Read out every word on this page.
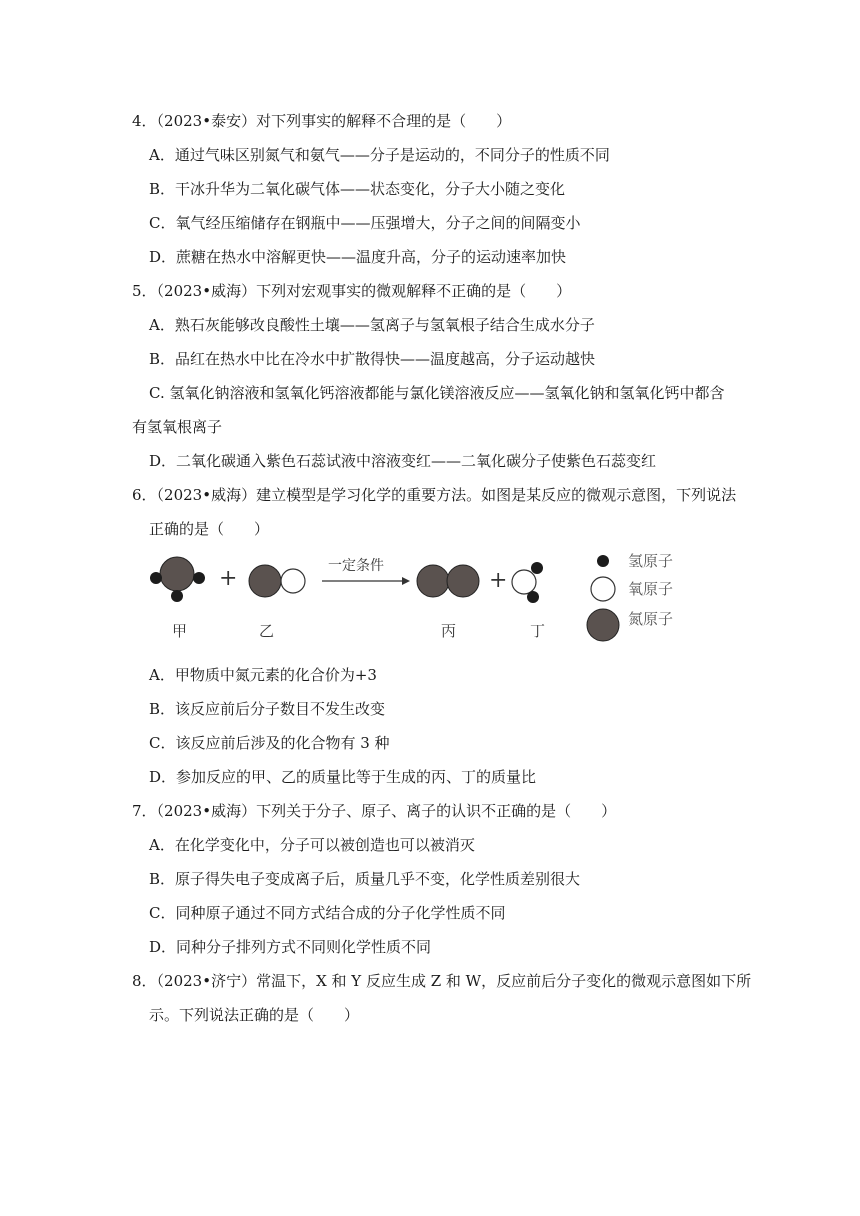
4．（2023•泰安）对下列事实的解释不合理的是（　　）
A．通过气味区别氮气和氨气——分子是运动的，不同分子的性质不同
B．干冰升华为二氧化碳气体——状态变化，分子大小随之变化
C．氧气经压缩储存在钢瓶中——压强增大，分子之间的间隔变小
D．蔗糖在热水中溶解更快——温度升高，分子的运动速率加快
5．（2023•威海）下列对宏观事实的微观解释不正确的是（　　）
A．熟石灰能够改良酸性土壤——氢离子与氢氧根子结合生成水分子
B．品红在热水中比在冷水中扩散得快——温度越高，分子运动越快
C. 氢氧化钠溶液和氢氧化钙溶液都能与氯化镁溶液反应——氢氧化钠和氢氧化钙中都含
有氢氧根离子
D．二氧化碳通入紫色石蕊试液中溶液变红——二氧化碳分子使紫色石蕊变红
6．（2023•威海）建立模型是学习化学的重要方法。如图是某反应的微观示意图，下列说法
正确的是（　　）
+	+
一定条件
甲	乙	丙	丁
氢原子
氧原子
氮原子
A．甲物质中氮元素的化合价为+3
B．该反应前后分子数目不发生改变
C．该反应前后涉及的化合物有 3 种
D．参加反应的甲、乙的质量比等于生成的丙、丁的质量比
7．（2023•威海）下列关于分子、原子、离子的认识不正确的是（　　）
A．在化学变化中，分子可以被创造也可以被消灭
B．原子得失电子变成离子后，质量几乎不变，化学性质差别很大
C．同种原子通过不同方式结合成的分子化学性质不同
D．同种分子排列方式不同则化学性质不同
8．（2023•济宁）常温下，X 和 Y 反应生成 Z 和 W，反应前后分子变化的微观示意图如下所
示。下列说法正确的是（　　）
